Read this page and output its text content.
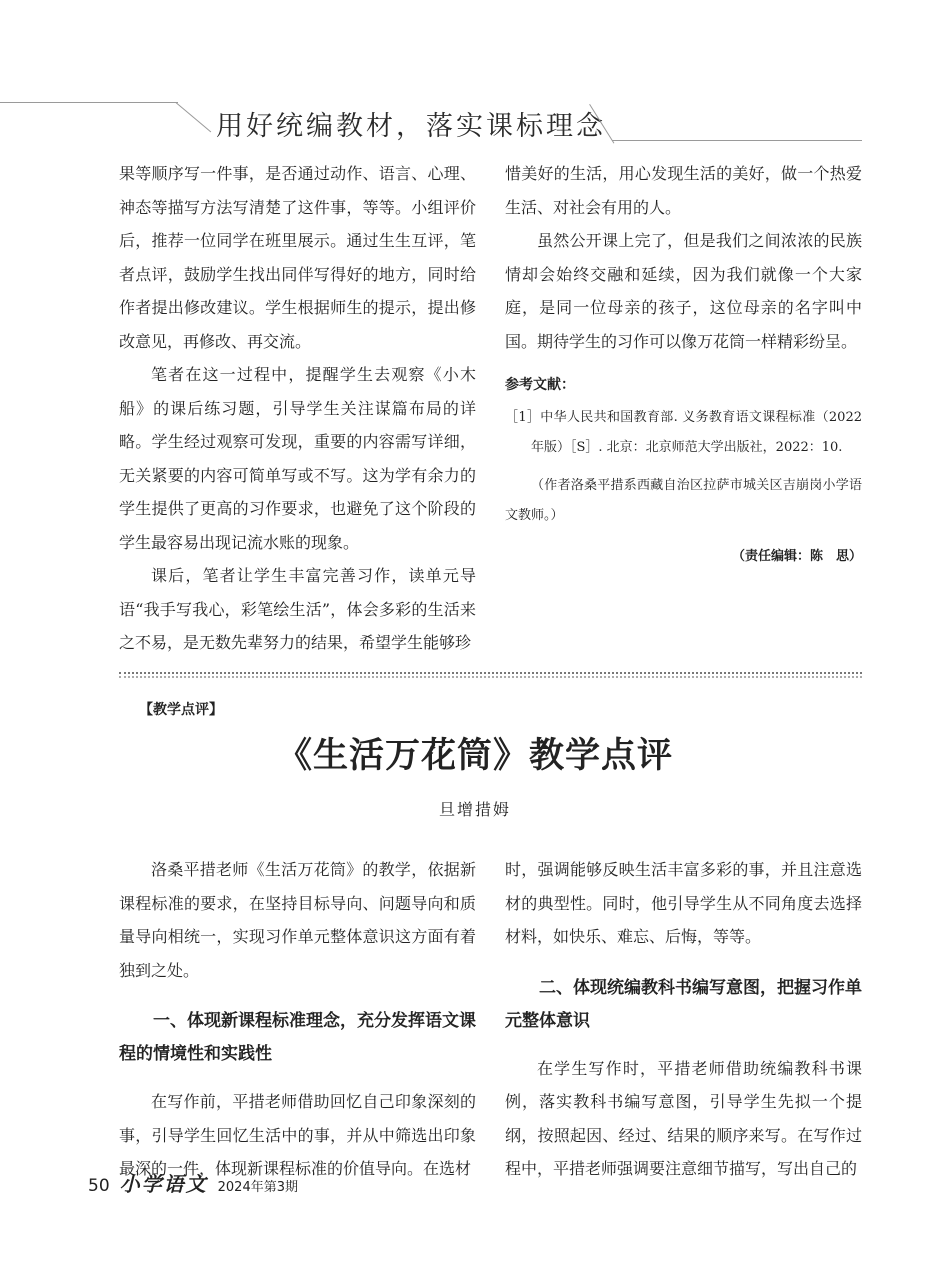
用好统编教材，落实课标理念

果等顺序写一件事，是否通过动作、语言、心理、神态等描写方法写清楚了这件事，等等。小组评价后，推荐一位同学在班里展示。通过生生互评，笔者点评，鼓励学生找出同伴写得好的地方，同时给作者提出修改建议。学生根据师生的提示，提出修改意见，再修改、再交流。

笔者在这一过程中，提醒学生去观察《小木船》的课后练习题，引导学生关注谋篇布局的详略。学生经过观察可发现，重要的内容需写详细，无关紧要的内容可简单写或不写。这为学有余力的学生提供了更高的习作要求，也避免了这个阶段的学生最容易出现记流水账的现象。

课后，笔者让学生丰富完善习作，读单元导语“我手写我心，彩笔绘生活”，体会多彩的生活来之不易，是无数先辈努力的结果，希望学生能够珍

惜美好的生活，用心发现生活的美好，做一个热爱生活、对社会有用的人。

虽然公开课上完了，但是我们之间浓浓的民族情却会始终交融和延续，因为我们就像一个大家庭，是同一位母亲的孩子，这位母亲的名字叫中国。期待学生的习作可以像万花筒一样精彩纷呈。

参考文献：
［1］中华人民共和国教育部. 义务教育语文课程标准（2022 年版）［S］. 北京：北京师范大学出版社，2022：10.
（作者洛桑平措系西藏自治区拉萨市城关区吉崩岗小学语文教师。）
（责任编辑：陈　思）
【教学点评】
《生活万花筒》教学点评
旦增措姆

洛桑平措老师《生活万花筒》的教学，依据新课程标准的要求，在坚持目标导向、问题导向和质量导向相统一，实现习作单元整体意识这方面有着独到之处。

一、体现新课程标准理念，充分发挥语文课程的情境性和实践性

在写作前，平措老师借助回忆自己印象深刻的事，引导学生回忆生活中的事，并从中筛选出印象最深的一件，体现新课程标准的价值导向。在选材

时，强调能够反映生活丰富多彩的事，并且注意选材的典型性。同时，他引导学生从不同角度去选择材料，如快乐、难忘、后悔，等等。

二、体现统编教科书编写意图，把握习作单元整体意识

在学生写作时，平措老师借助统编教科书课例，落实教科书编写意图，引导学生先拟一个提纲，按照起因、经过、结果的顺序来写。在写作过程中，平措老师强调要注意细节描写，写出自己的

50 小学语文 2024年第3期
